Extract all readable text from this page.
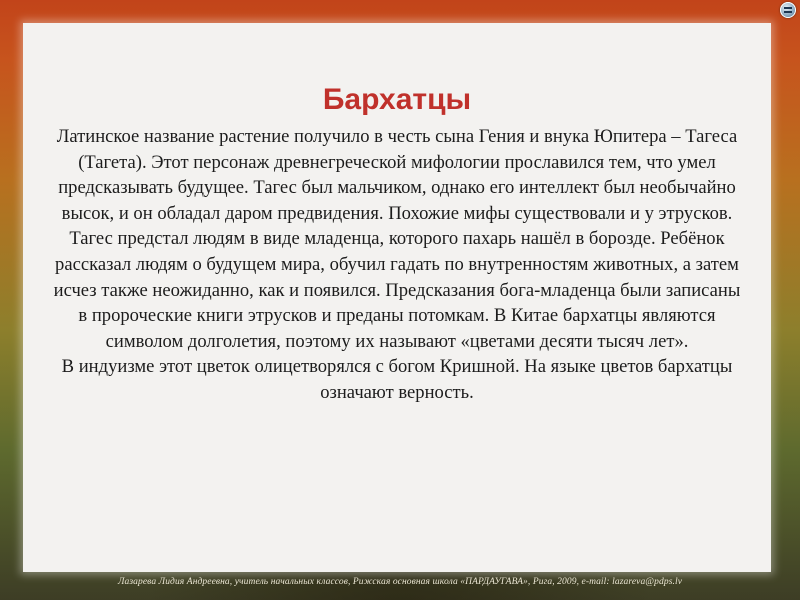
Бархатцы

Латинское название растение получило в честь сына Гения и внука Юпитера – Тагеса (Тагета). Этот персонаж древнегреческой мифологии прославился тем, что умел предсказывать будущее. Тагес был мальчиком, однако его интеллект был необычайно высок, и он обладал даром предвидения. Похожие мифы существовали и у этрусков. Тагес предстал людям в виде младенца, которого пахарь нашёл в борозде. Ребёнок рассказал людям о будущем мира, обучил гадать по внутренностям животных, а затем исчез также неожиданно, как и появился. Предсказания бога-младенца были записаны в пророческие книги этрусков и преданы потомкам. В Китае бархатцы являются символом долголетия, поэтому их называют «цветами десяти тысяч лет».

В индуизме этот цветок олицетворялся с богом Кришной. На языке цветов бархатцы означают верность.

Лазарева Лидия Андреевна, учитель начальных классов, Рижская основная школа «ПАРДАУГАВА», Рига, 2009, e-mail: lazareva@pdps.lv
